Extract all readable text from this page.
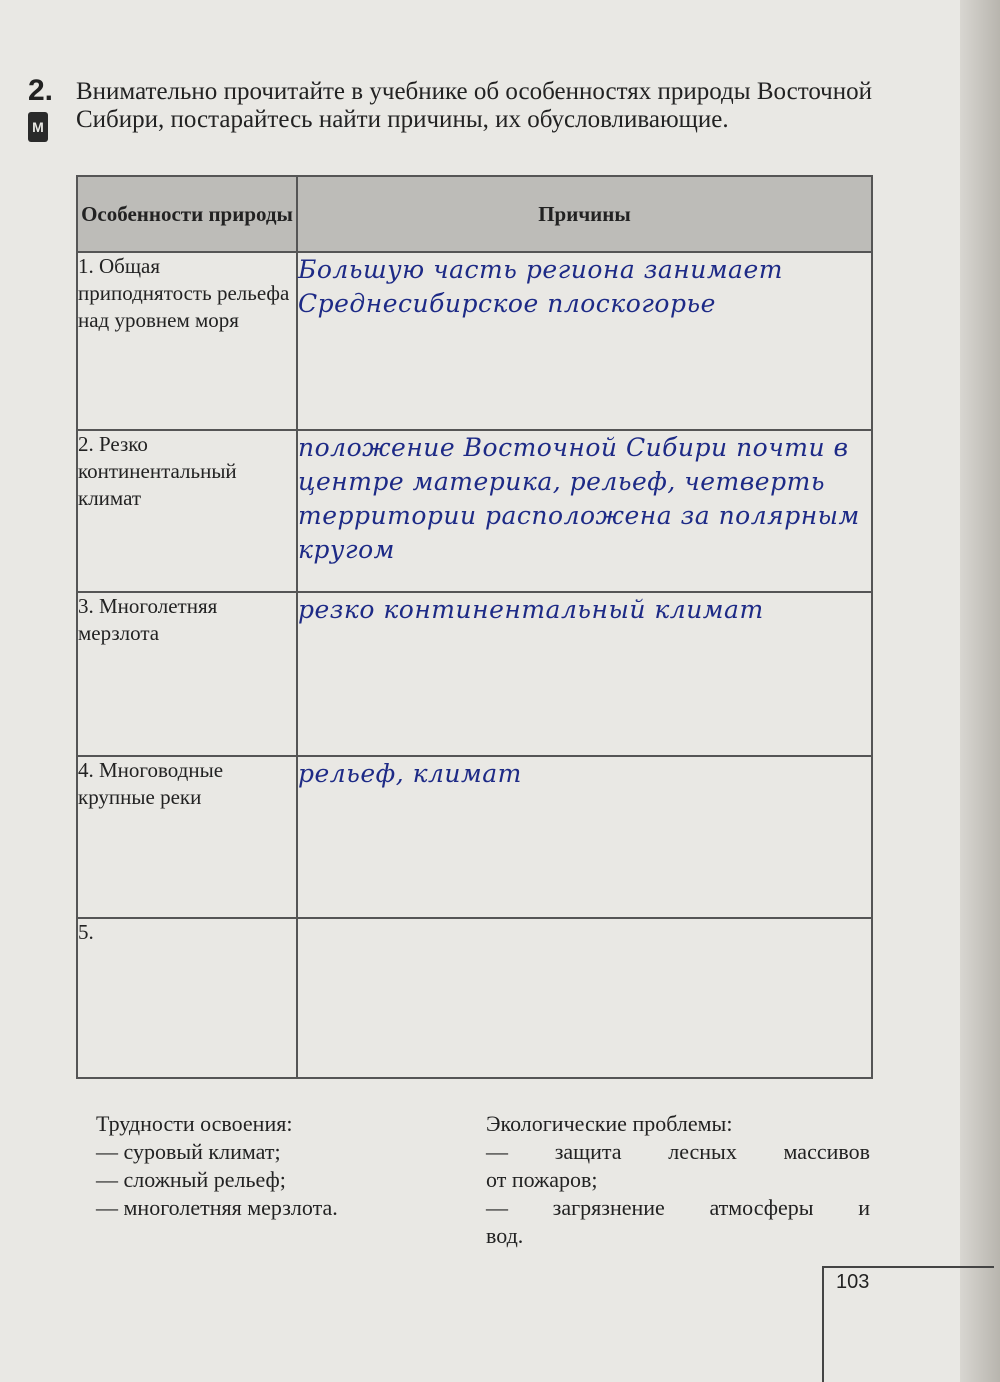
2.
M
Внимательно прочитайте в учебнике об особенностях природы Восточной Сибири, постарайтесь найти причины, их обусловливающие.
Особенности природы	Причины
1. Общая приподнятость рельефа над уровнем моря	Большую часть региона занимает Среднесибирское плоскогорье
2. Резко континентальный климат	положение Восточной Сибири почти в центре материка, рельеф, четверть территории расположена за полярным кругом
3. Многолетняя мерзлота	резко континентальный климат
4. Многоводные крупные реки	рельеф, климат
5.	
Трудности освоения:
— суровый климат;
— сложный рельеф;
— многолетняя мерзлота.
Экологические проблемы:
— защита лесных массивов
от пожаров;
— загрязнение атмосферы и
вод.
103
